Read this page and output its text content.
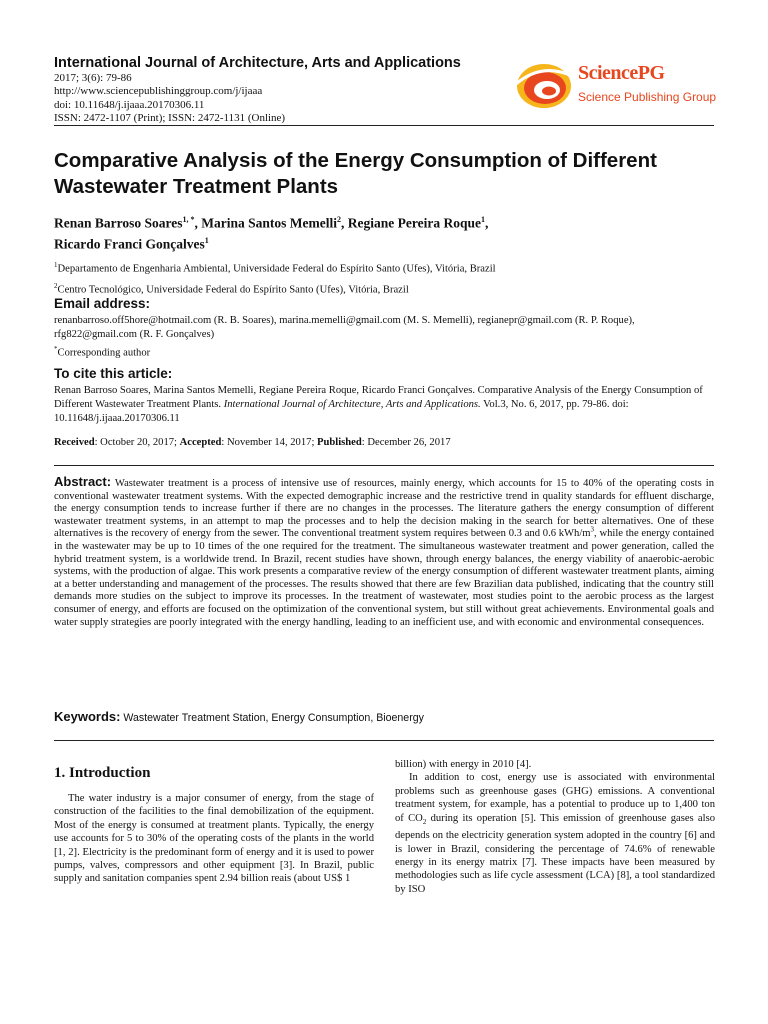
International Journal of Architecture, Arts and Applications
2017; 3(6): 79-86
http://www.sciencepublishinggroup.com/j/ijaaa
doi: 10.11648/j.ijaaa.20170306.11
ISSN: 2472-1107 (Print); ISSN: 2472-1131 (Online)
SciencePG
Science Publishing Group
Comparative Analysis of the Energy Consumption of Different Wastewater Treatment Plants
Renan Barroso Soares$^{1, *}$, Marina Santos Memelli$^2$, Regiane Pereira Roque$^1$,
Ricardo Franci Gonçalves$^1$
$^1$Departamento de Engenharia Ambiental, Universidade Federal do Espírito Santo (Ufes), Vitória, Brazil
$^2$Centro Tecnológico, Universidade Federal do Espírito Santo (Ufes), Vitória, Brazil
Email address:
renanbarroso.off5hore@hotmail.com (R. B. Soares), marina.memelli@gmail.com (M. S. Memelli), regianepr@gmail.com (R. P. Roque), rfg822@gmail.com (R. F. Gonçalves)
*Corresponding author
To cite this article:
Renan Barroso Soares, Marina Santos Memelli, Regiane Pereira Roque, Ricardo Franci Gonçalves. Comparative Analysis of the Energy Consumption of Different Wastewater Treatment Plants. International Journal of Architecture, Arts and Applications. Vol.3, No. 6, 2017, pp. 79-86. doi: 10.11648/j.ijaaa.20170306.11
Received: October 20, 2017; Accepted: November 14, 2017; Published: December 26, 2017
Abstract: Wastewater treatment is a process of intensive use of resources, mainly energy, which accounts for 15 to 40% of the operating costs in conventional wastewater treatment systems. With the expected demographic increase and the restrictive trend in quality standards for effluent discharge, the energy consumption tends to increase further if there are no changes in the processes. The literature gathers the energy consumption of different wastewater treatment systems, in an attempt to map the processes and to help the decision making in the search for better alternatives. One of these alternatives is the recovery of energy from the sewer. The conventional treatment system requires between 0.3 and 0.6 kWh/$m^3$, while the energy contained in the wastewater may be up to 10 times of the one required for the treatment. The simultaneous wastewater treatment and power generation, called the hybrid treatment system, is a worldwide trend. In Brazil, recent studies have shown, through energy balances, the energy viability of anaerobic-aerobic systems, with the production of algae. This work presents a comparative review of the energy consumption of different wastewater treatment plants, aiming at a better understanding and management of the processes. The results showed that there are few Brazilian data published, indicating that the country still demands more studies on the subject to improve its processes. In the treatment of wastewater, most studies point to the aerobic process as the largest consumer of energy, and efforts are focused on the optimization of the conventional system, but still without great achievements. Environmental goals and water supply strategies are poorly integrated with the energy handling, leading to an inefficient use, and with economic and environmental consequences.
Keywords: Wastewater Treatment Station, Energy Consumption, Bioenergy
1. Introduction
The water industry is a major consumer of energy, from the stage of construction of the facilities to the final demobilization of the equipment. Most of the energy is consumed at treatment plants. Typically, the energy use accounts for 5 to 30% of the operating costs of the plants in the world [1, 2]. Electricity is the predominant form of energy and it is used to power pumps, valves, compressors and other equipment [3]. In Brazil, public supply and sanitation companies spent 2.94 billion reais (about US$ 1
billion) with energy in 2010 [4].
In addition to cost, energy use is associated with environmental problems such as greenhouse gases (GHG) emissions. A conventional treatment system, for example, has a potential to produce up to 1,400 ton of $CO_2$ during its operation [5]. This emission of greenhouse gases also depends on the electricity generation system adopted in the country [6] and is lower in Brazil, considering the percentage of 74.6% of renewable energy in its energy matrix [7]. These impacts have been measured by methodologies such as life cycle assessment (LCA) [8], a tool standardized by ISO
